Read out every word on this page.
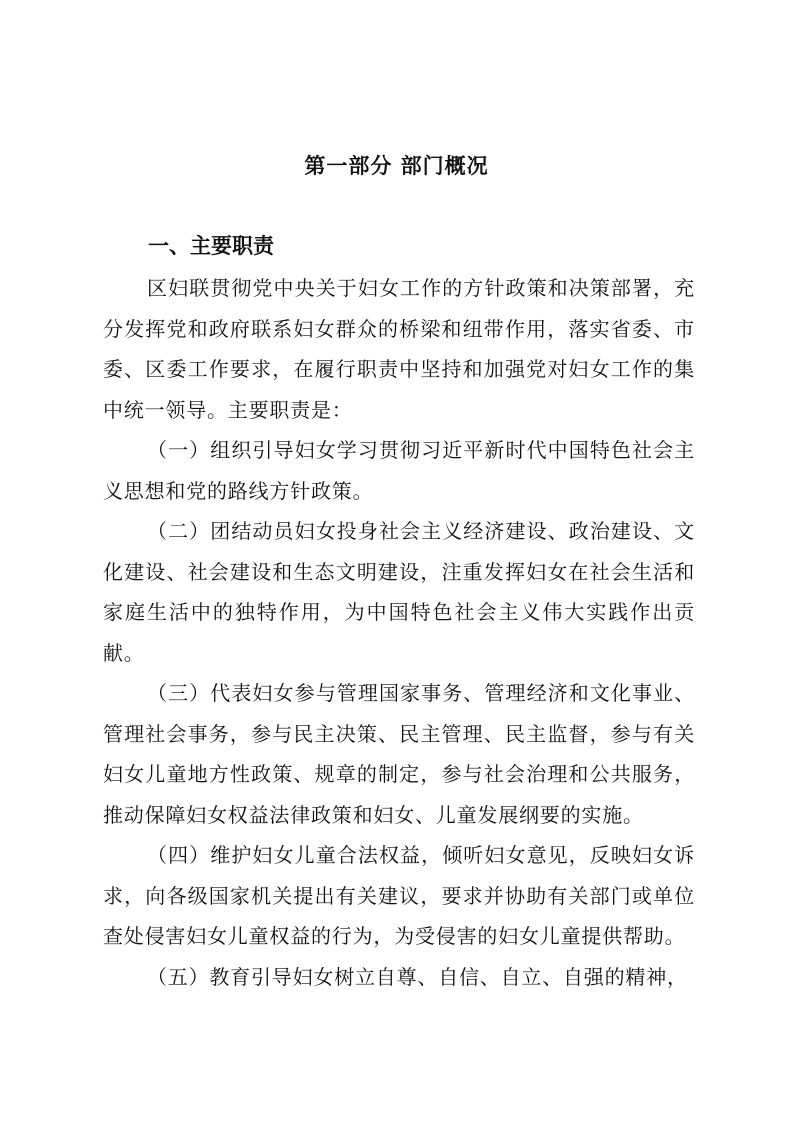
第一部分 部门概况
一、主要职责

区妇联贯彻党中央关于妇女工作的方针政策和决策部署，充分发挥党和政府联系妇女群众的桥梁和纽带作用，落实省委、市委、区委工作要求，在履行职责中坚持和加强党对妇女工作的集中统一领导。主要职责是：

（一）组织引导妇女学习贯彻习近平新时代中国特色社会主义思想和党的路线方针政策。

（二）团结动员妇女投身社会主义经济建设、政治建设、文化建设、社会建设和生态文明建设，注重发挥妇女在社会生活和家庭生活中的独特作用，为中国特色社会主义伟大实践作出贡献。

（三）代表妇女参与管理国家事务、管理经济和文化事业、管理社会事务，参与民主决策、民主管理、民主监督，参与有关妇女儿童地方性政策、规章的制定，参与社会治理和公共服务，推动保障妇女权益法律政策和妇女、儿童发展纲要的实施。

（四）维护妇女儿童合法权益，倾听妇女意见，反映妇女诉求，向各级国家机关提出有关建议，要求并协助有关部门或单位查处侵害妇女儿童权益的行为，为受侵害的妇女儿童提供帮助。

（五）教育引导妇女树立自尊、自信、自立、自强的精神，
